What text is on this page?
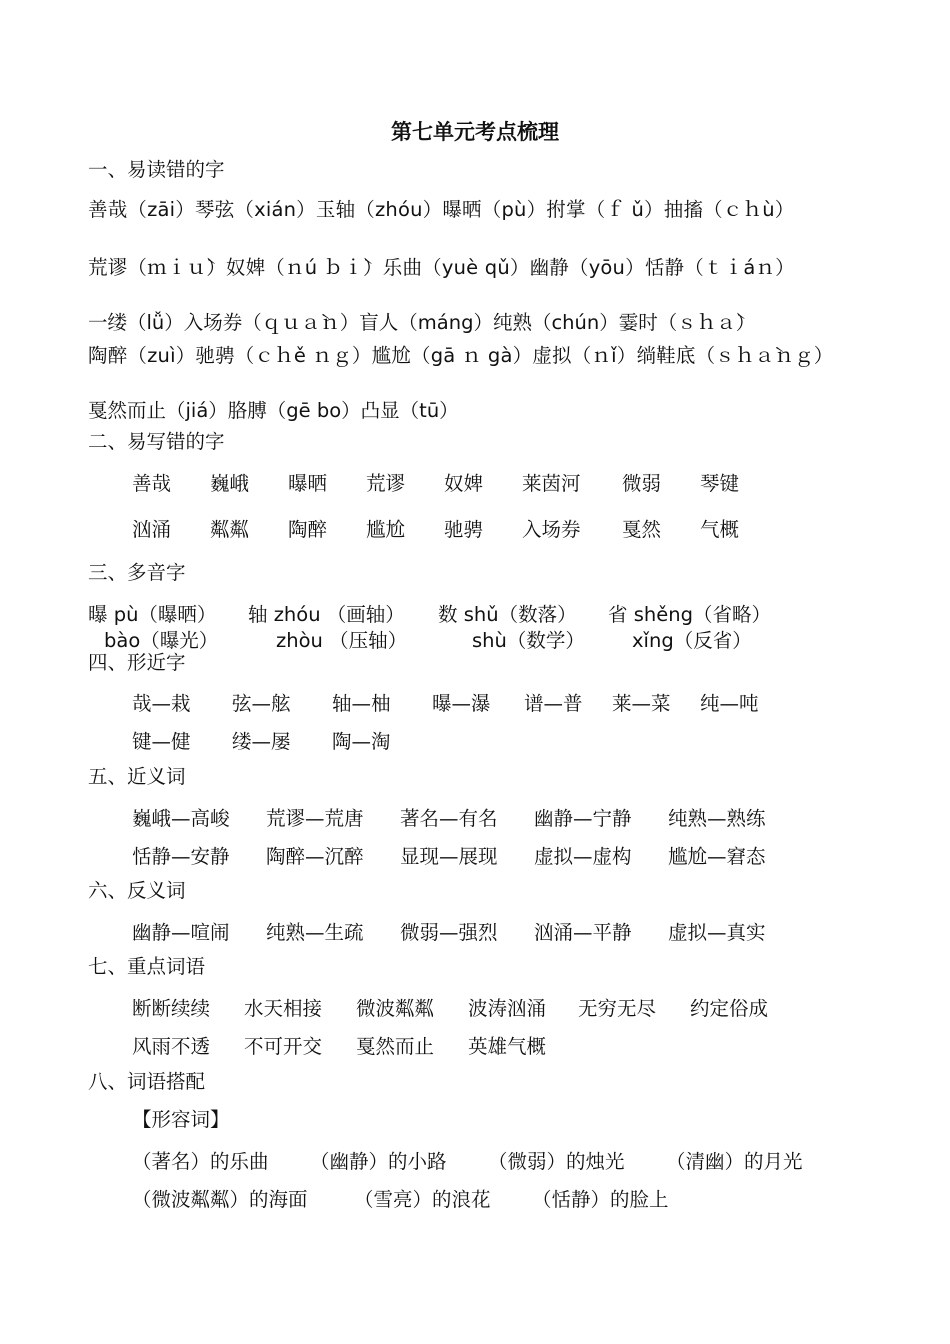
第七单元考点梳理
一、易读错的字
善哉（zāi）琴弦（xián）玉轴（zhóu）曝晒（pù）拊掌（ｆ ǔ）抽搐（ｃｈù）
荒谬（ｍｉｕ̀）奴婢（ｎú ｂｉ̀）乐曲（yuè qǔ）幽静（yōu）恬静（ｔｉáｎ）
一缕（lǚ）入场券（ｑｕａ̀ｎ）盲人（máng）纯熟（chún）霎时（ｓｈａ̀）
陶醉（zuì）驰骋（ｃｈě ｎｇ）尴尬（gā ｎ gà）虚拟（ｎǐ）绱鞋底（ｓｈａ̀ｎｇ）
戛然而止（jiá）胳膊（gē bo）凸显（tū）
二、易写错的字
善哉 巍峨 曝晒 荒谬 奴婢 莱茵河 微弱 琴键
汹涌 粼粼 陶醉 尴尬 驰骋 入场券 戛然 气概
三、多音字
曝 pù（曝晒） 轴 zhóu （画轴） 数 shǔ（数落） 省 shěng（省略）
bào（曝光）	zhòu （压轴）	shù（数学） xǐng（反省）
四、形近字
哉—栽 弦—舷 轴—柚 曝—瀑 谱—普 莱—菜 纯—吨
键—健 缕—屡 陶—淘
五、近义词
巍峨—高峻 荒谬—荒唐 著名—有名 幽静—宁静 纯熟—熟练
恬静—安静 陶醉—沉醉 显现—展现 虚拟—虚构 尴尬—窘态
六、反义词
幽静—喧闹 纯熟—生疏 微弱—强烈 汹涌—平静 虚拟—真实
七、重点词语
断断续续 水天相接 微波粼粼 波涛汹涌 无穷无尽 约定俗成
风雨不透 不可开交 戛然而止 英雄气概
八、词语搭配
【形容词】
（著名）的乐曲 （幽静）的小路 （微弱）的烛光 （清幽）的月光
（微波粼粼）的海面 （雪亮）的浪花 （恬静）的脸上
